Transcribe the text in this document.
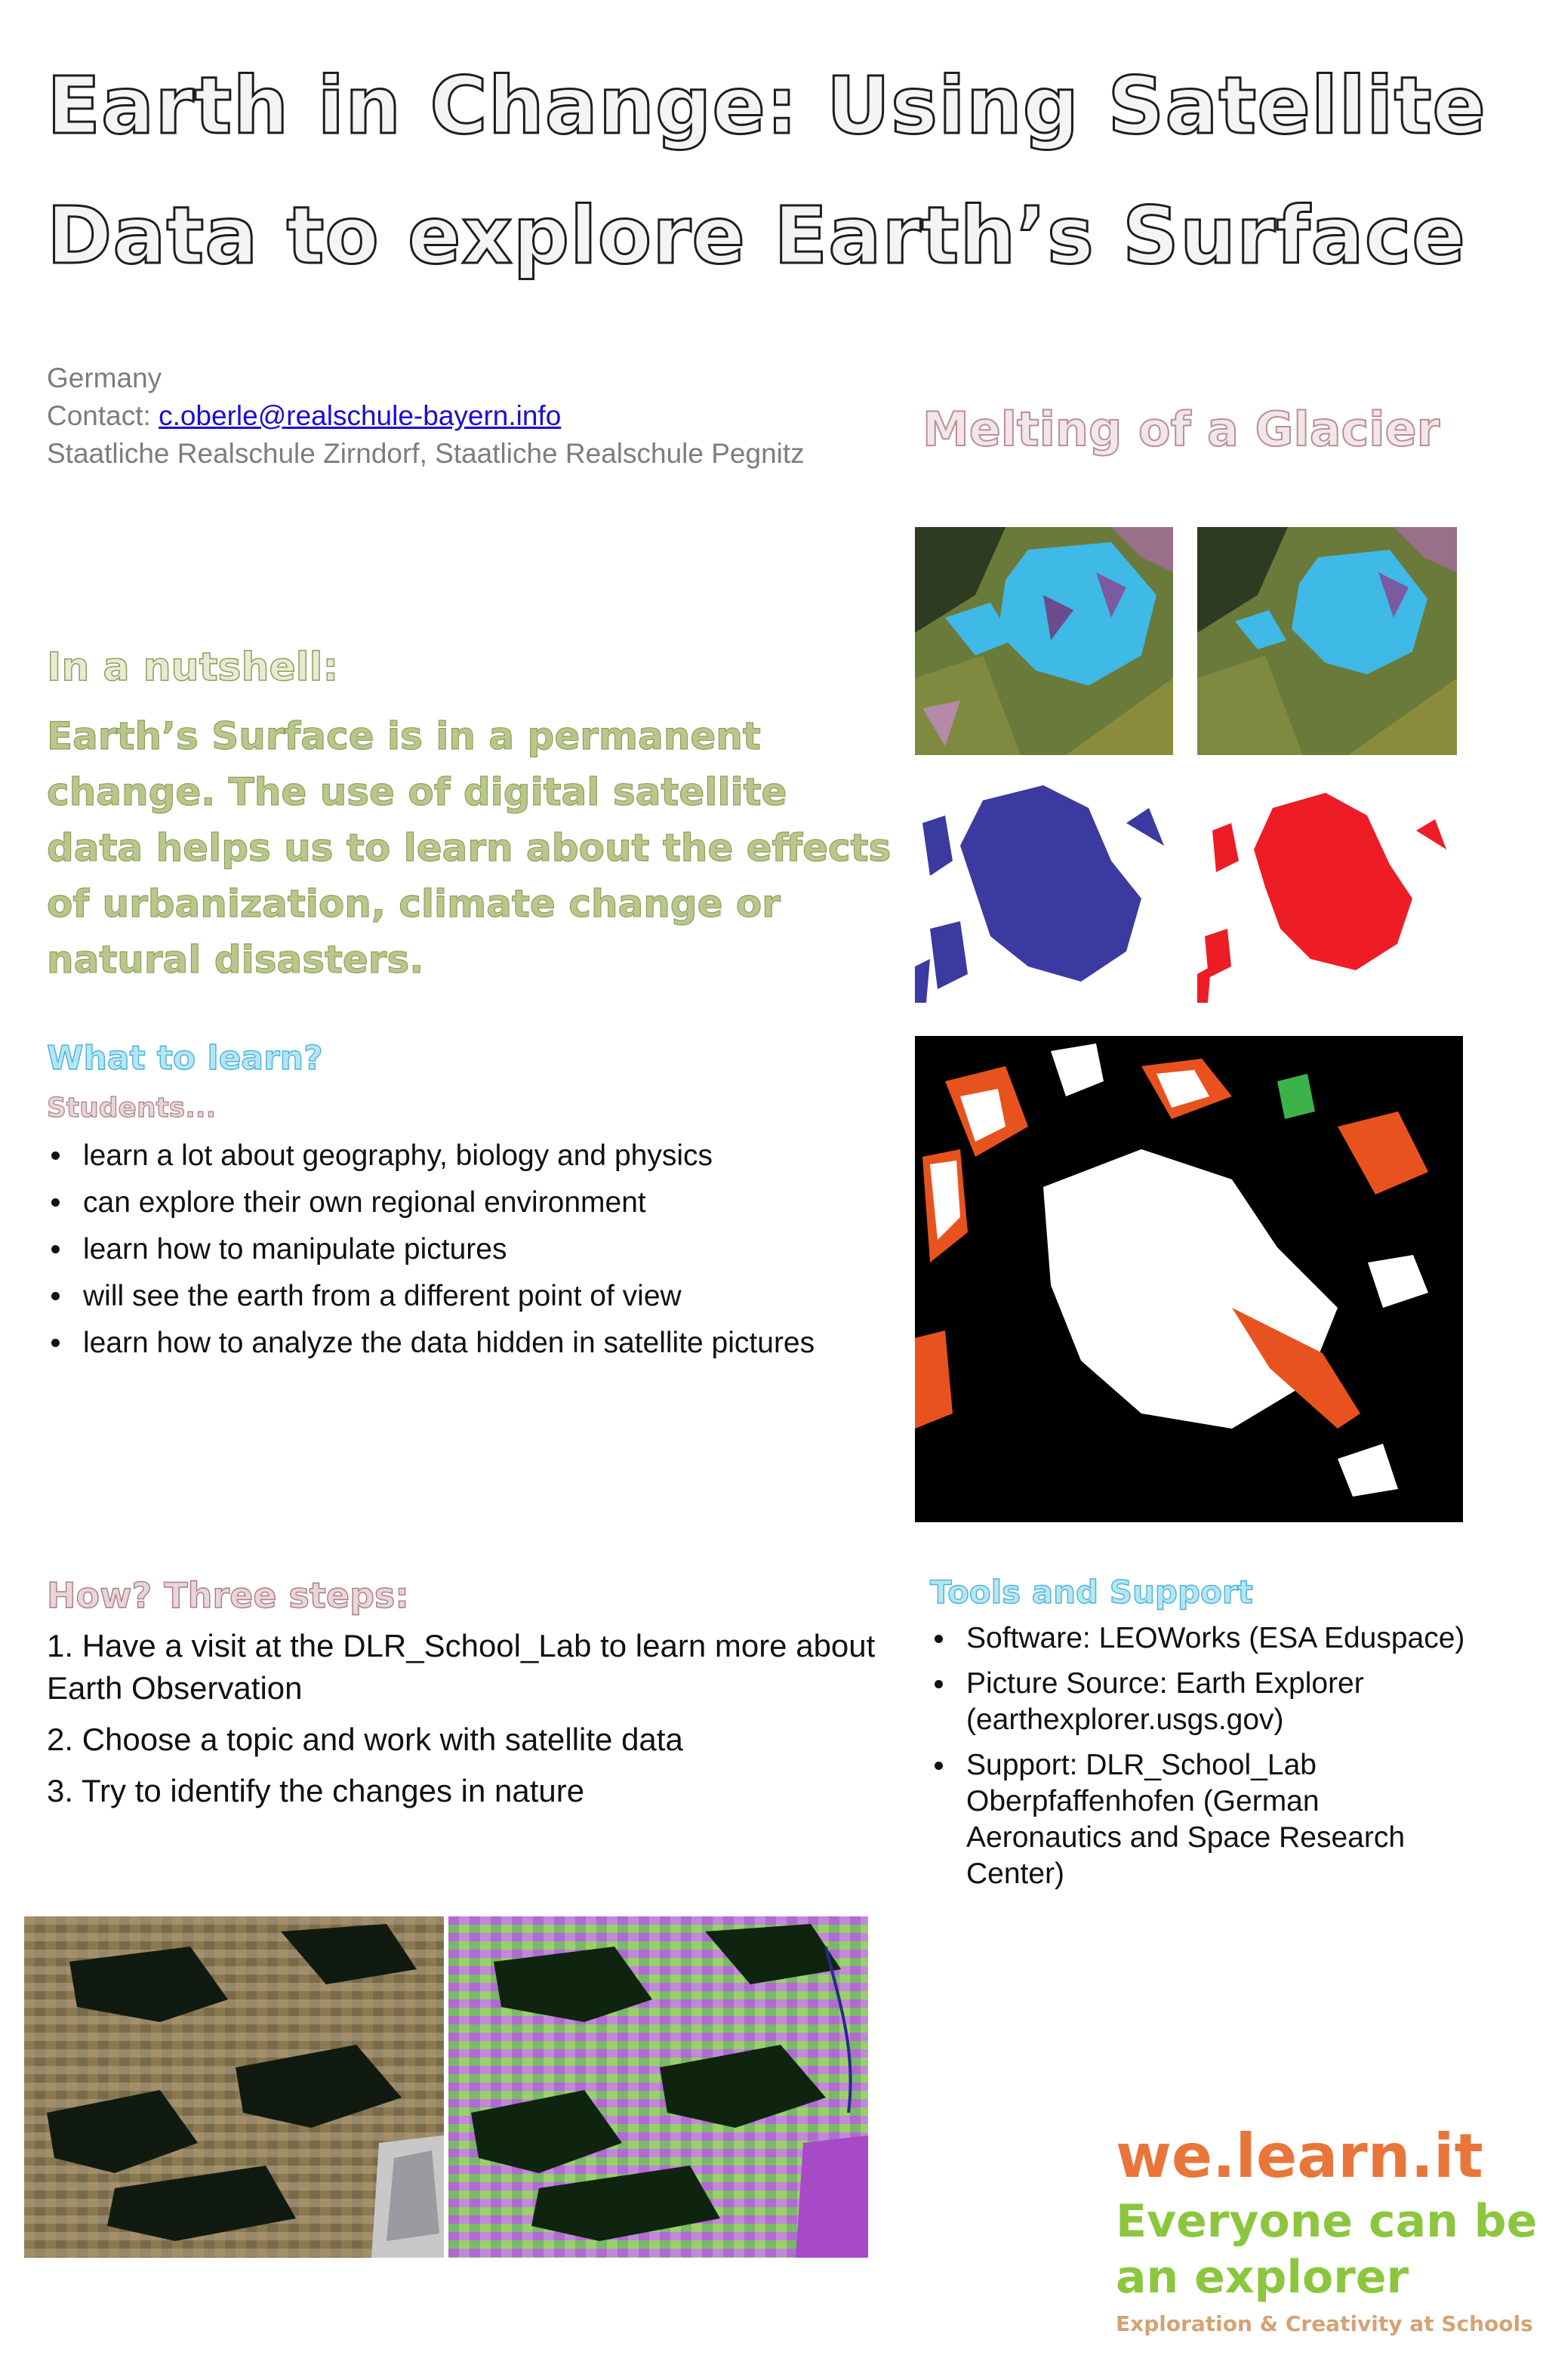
Earth in Change: Using Satellite
Data to explore Earth’s Surface
Germany
Contact: c.oberle@realschule-bayern.info
Staatliche Realschule Zirndorf, Staatliche Realschule Pegnitz	Melting of a Glacier
In a nutshell:
Earth’s Surface is in a permanent change. The use of digital satellite data helps us to learn about the effects of urbanization, climate change or natural disasters.
What to learn?
Students...
learn a lot about geography, biology and physics
can explore their own regional environment
learn how to manipulate pictures
will see the earth from a different point of view
learn how to analyze the data hidden in satellite pictures
How? Three steps:

1. Have a visit at the DLR_School_Lab to learn more about Earth Observation

2. Choose a topic and work with satellite data

3. Try to identify the changes in nature

Tools and Support
Software: LEOWorks (ESA Eduspace)
Picture Source: Earth Explorer (earthexplorer.usgs.gov)
Support: DLR_School_Lab Oberpfaffenhofen (German Aeronautics and Space Research Center)
we.learn.it
Everyone can be
an explorer
Exploration & Creativity at Schools
